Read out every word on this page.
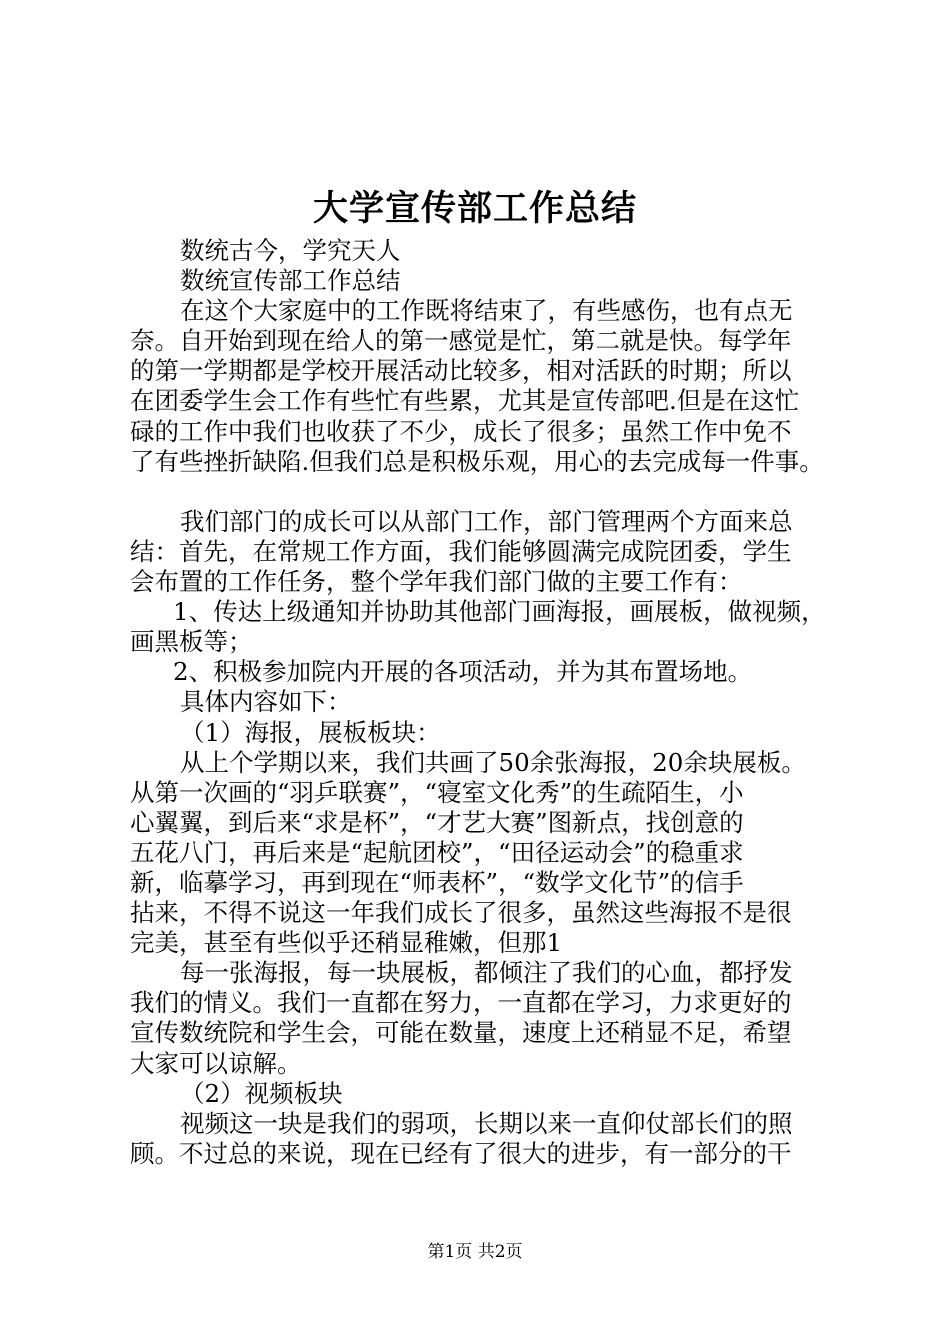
大学宣传部工作总结
数统古今，学究天人
数统宣传部工作总结
在这个大家庭中的工作既将结束了，有些感伤，也有点无
奈。自开始到现在给人的第一感觉是忙，第二就是快。每学年
的第一学期都是学校开展活动比较多，相对活跃的时期；所以
在团委学生会工作有些忙有些累，尤其是宣传部吧.但是在这忙
碌的工作中我们也收获了不少，成长了很多；虽然工作中免不
了有些挫折缺陷.但我们总是积极乐观，用心的去完成每一件事。
我们部门的成长可以从部门工作，部门管理两个方面来总
结：首先，在常规工作方面，我们能够圆满完成院团委，学生
会布置的工作任务，整个学年我们部门做的主要工作有：
1、传达上级通知并协助其他部门画海报，画展板，做视频，
画黑板等；
2、积极参加院内开展的各项活动，并为其布置场地。
具体内容如下：
（1）海报，展板板块：
从上个学期以来，我们共画了50余张海报，20余块展板。
从第一次画的“羽乒联赛”，“寝室文化秀”的生疏陌生，小
心翼翼，到后来“求是杯”，“才艺大赛”图新点，找创意的
五花八门，再后来是“起航团校”，“田径运动会”的稳重求
新，临摹学习，再到现在“师表杯”，“数学文化节”的信手
拈来，不得不说这一年我们成长了很多，虽然这些海报不是很
完美，甚至有些似乎还稍显稚嫩，但那1
每一张海报，每一块展板，都倾注了我们的心血，都抒发
我们的情义。我们一直都在努力，一直都在学习，力求更好的
宣传数统院和学生会，可能在数量，速度上还稍显不足，希望
大家可以谅解。
（2）视频板块
视频这一块是我们的弱项，长期以来一直仰仗部长们的照
顾。不过总的来说，现在已经有了很大的进步，有一部分的干
第1页 共2页
